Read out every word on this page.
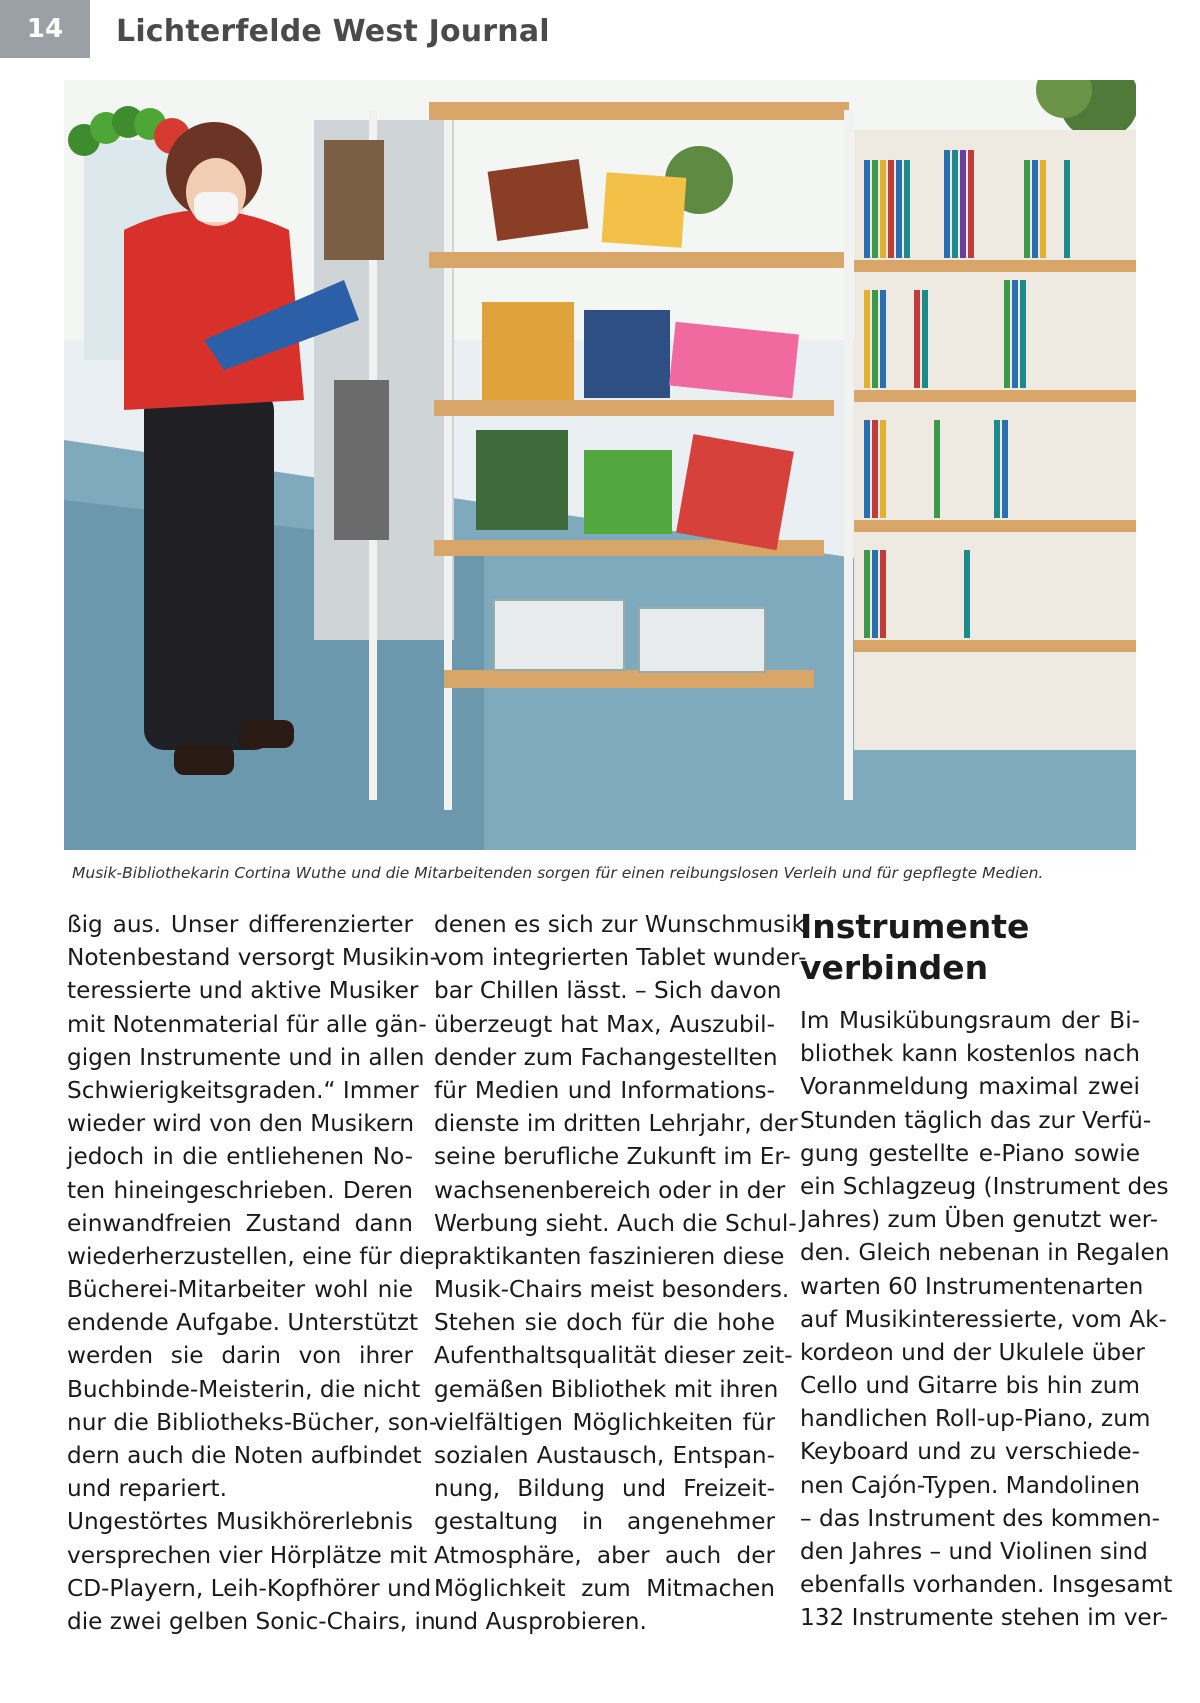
14	Lichterfelde West Journal
Musik-Bibliothekarin Cortina Wuthe und die Mitarbeitenden sorgen für einen reibungslosen Verleih und für gepflegte Medien.
ßig aus. Unser differenzierter
Notenbestand versorgt Musikin-
teressierte und aktive Musiker
mit Notenmaterial für alle gän-
gigen Instrumente und in allen
Schwierigkeitsgraden.“ Immer
wieder wird von den Musikern
jedoch in die entliehenen No-
ten hineingeschrieben. Deren
einwandfreien Zustand dann
wiederherzustellen, eine für die
Bücherei-Mitarbeiter wohl nie
endende Aufgabe. Unterstützt
werden sie darin von ihrer
Buchbinde-Meisterin, die nicht
nur die Bibliotheks-Bücher, son-
dern auch die Noten aufbindet
und repariert.
Ungestörtes Musikhörerlebnis
versprechen vier Hörplätze mit
CD-Playern, Leih-Kopfhörer und
die zwei gelben Sonic-Chairs, in
denen es sich zur Wunschmusik
vom integrierten Tablet wunder-
bar Chillen lässt. – Sich davon
überzeugt hat Max, Auszubil-
dender zum Fachangestellten
für Medien und Informations-
dienste im dritten Lehrjahr, der
seine berufliche Zukunft im Er-
wachsenenbereich oder in der
Werbung sieht. Auch die Schul-
praktikanten faszinieren diese
Musik-Chairs meist besonders.
Stehen sie doch für die hohe
Aufenthaltsqualität dieser zeit-
gemäßen Bibliothek mit ihren
vielfältigen Möglichkeiten für
sozialen Austausch, Entspan-
nung, Bildung und Freizeit-
gestaltung in angenehmer
Atmosphäre, aber auch der
Möglichkeit zum Mitmachen
und Ausprobieren.
Instrumente
verbinden
Im Musikübungsraum der Bi-
bliothek kann kostenlos nach
Voranmeldung maximal zwei
Stunden täglich das zur Verfü-
gung gestellte e-Piano sowie
ein Schlagzeug (Instrument des
Jahres) zum Üben genutzt wer-
den. Gleich nebenan in Regalen
warten 60 Instrumentenarten
auf Musikinteressierte, vom Ak-
kordeon und der Ukulele über
Cello und Gitarre bis hin zum
handlichen Roll-up-Piano, zum
Keyboard und zu verschiede-
nen Cajón-Typen. Mandolinen
– das Instrument des kommen-
den Jahres – und Violinen sind
ebenfalls vorhanden. Insgesamt
132 Instrumente stehen im ver-
